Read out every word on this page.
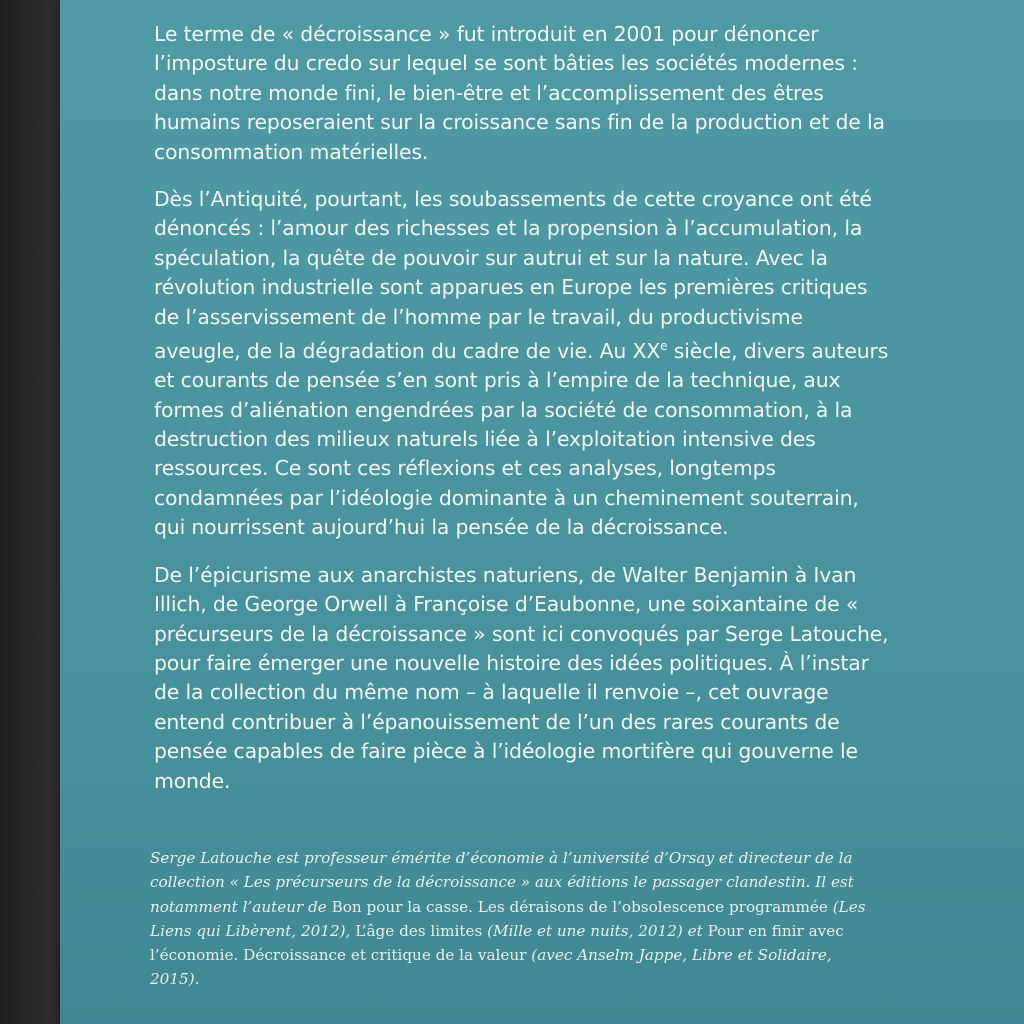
Le terme de « décroissance » fut introduit en 2001 pour dénoncer l’imposture du credo sur lequel se sont bâties les sociétés modernes : dans notre monde fini, le bien-être et l’accomplissement des êtres humains reposeraient sur la croissance sans fin de la production et de la consommation matérielles.

Dès l’Antiquité, pourtant, les soubassements de cette croyance ont été dénoncés : l’amour des richesses et la propension à l’accumulation, la spéculation, la quête de pouvoir sur autrui et sur la nature. Avec la révolution industrielle sont apparues en Europe les premières critiques de l’asservissement de l’homme par le travail, du productivisme aveugle, de la dégradation du cadre de vie. Au XXe siècle, divers auteurs et courants de pensée s’en sont pris à l’empire de la technique, aux formes d’aliénation engendrées par la société de consommation, à la destruction des milieux naturels liée à l’exploitation intensive des ressources. Ce sont ces réflexions et ces analyses, longtemps condamnées par l’idéologie dominante à un cheminement souterrain, qui nourrissent aujourd’hui la pensée de la décroissance.

De l’épicurisme aux anarchistes naturiens, de Walter Benjamin à Ivan Illich, de George Orwell à Françoise d’Eaubonne, une soixantaine de « précurseurs de la décroissance » sont ici convoqués par Serge Latouche, pour faire émerger une nouvelle histoire des idées politiques. À l’instar de la collection du même nom – à laquelle il renvoie –, cet ouvrage entend contribuer à l’épanouissement de l’un des rares courants de pensée capables de faire pièce à l’idéologie mortifère qui gouverne le monde.

Serge Latouche est professeur émérite d’économie à l’université d’Orsay et directeur de la collection « Les précurseurs de la décroissance » aux éditions le passager clandestin. Il est notamment l’auteur de Bon pour la casse. Les déraisons de l’obsolescence programmée (Les Liens qui Libèrent, 2012), L’âge des limites (Mille et une nuits, 2012) et Pour en finir avec l’économie. Décroissance et critique de la valeur (avec Anselm Jappe, Libre et Solidaire, 2015).
